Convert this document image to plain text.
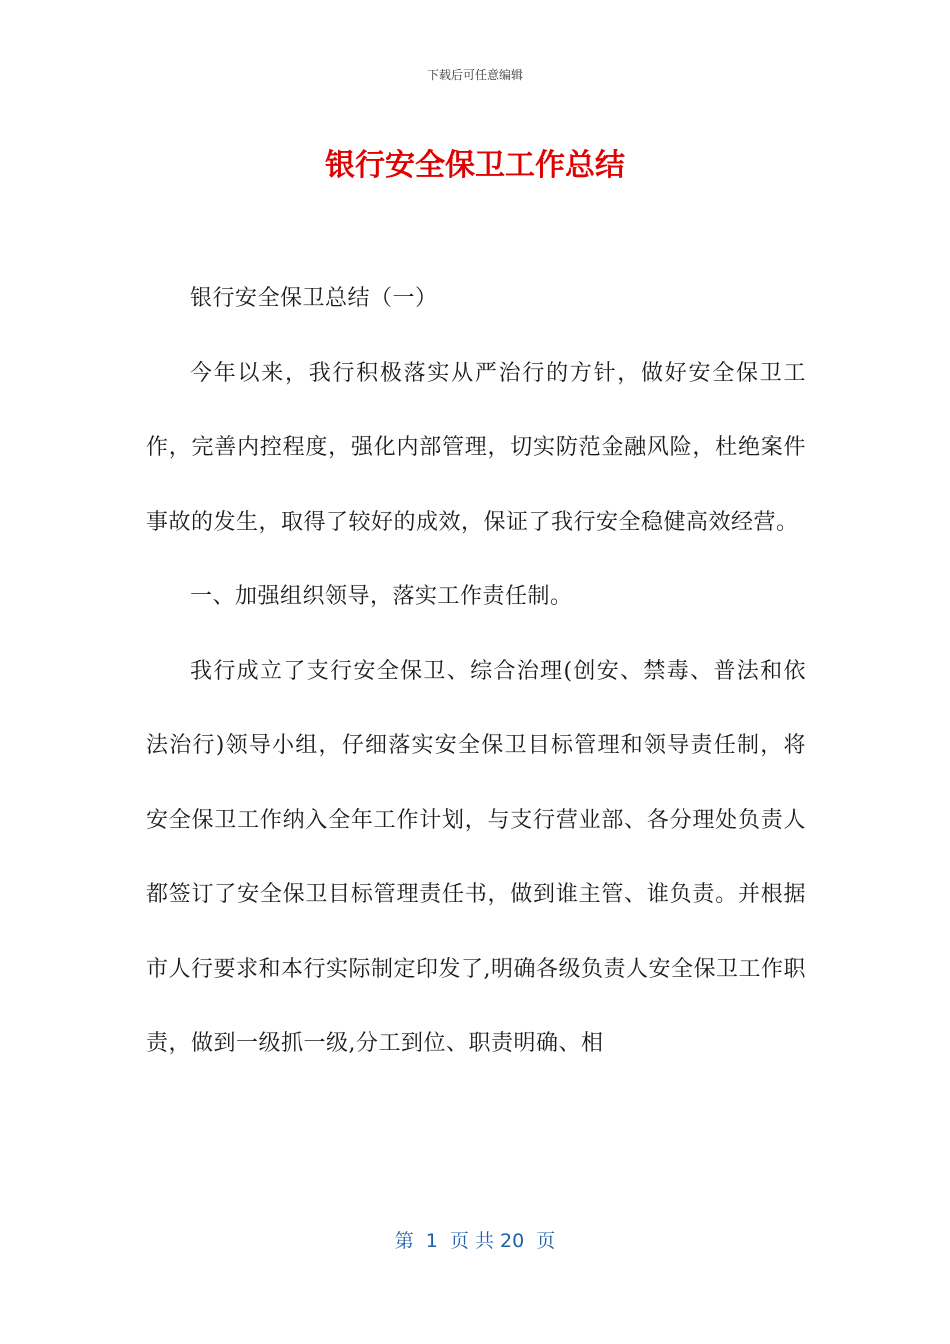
下载后可任意编辑
银行安全保卫工作总结

银行安全保卫总结（一）

今年以来，我行积极落实从严治行的方针，做好安全保卫工作，完善内控程度，强化内部管理，切实防范金融风险，杜绝案件事故的发生，取得了较好的成效，保证了我行安全稳健高效经营。

一、加强组织领导，落实工作责任制。

我行成立了支行安全保卫、综合治理(创安、禁毒、普法和依法治行)领导小组，仔细落实安全保卫目标管理和领导责任制，将安全保卫工作纳入全年工作计划，与支行营业部、各分理处负责人都签订了安全保卫目标管理责任书，做到谁主管、谁负责。并根据市人行要求和本行实际制定印发了,明确各级负责人安全保卫工作职责，做到一级抓一级,分工到位、职责明确、相

第  1  页 共 20  页
